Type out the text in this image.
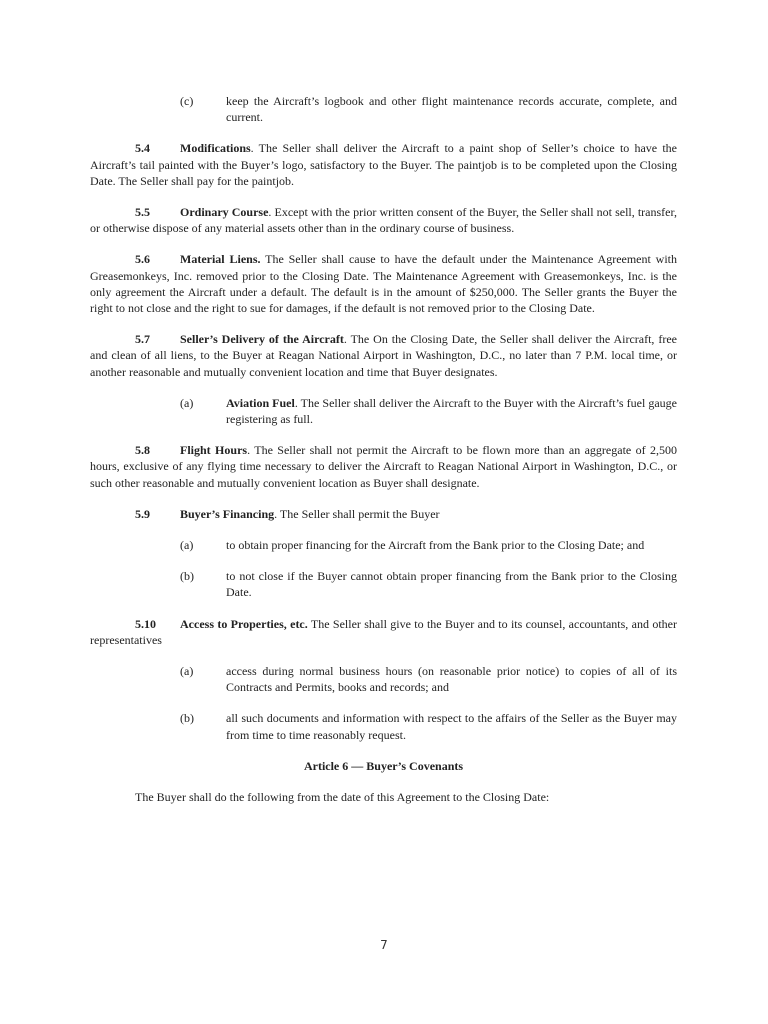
(c)	keep the Aircraft’s logbook and other flight maintenance records accurate, complete, and current.

5.4	Modifications. The Seller shall deliver the Aircraft to a paint shop of Seller’s choice to have the Aircraft’s tail painted with the Buyer’s logo, satisfactory to the Buyer. The paintjob is to be completed upon the Closing Date. The Seller shall pay for the paintjob.

5.5	Ordinary Course. Except with the prior written consent of the Buyer, the Seller shall not sell, transfer, or otherwise dispose of any material assets other than in the ordinary course of business.

5.6	Material Liens. The Seller shall cause to have the default under the Maintenance Agreement with Greasemonkeys, Inc. removed prior to the Closing Date. The Maintenance Agreement with Greasemonkeys, Inc. is the only agreement the Aircraft under a default. The default is in the amount of $250,000. The Seller grants the Buyer the right to not close and the right to sue for damages, if the default is not removed prior to the Closing Date.

5.7	Seller’s Delivery of the Aircraft. The On the Closing Date, the Seller shall deliver the Aircraft, free and clean of all liens, to the Buyer at Reagan National Airport in Washington, D.C., no later than 7 P.M. local time, or another reasonable and mutually convenient location and time that Buyer designates.

(a)	Aviation Fuel. The Seller shall deliver the Aircraft to the Buyer with the Aircraft’s fuel gauge registering as full.

5.8	Flight Hours. The Seller shall not permit the Aircraft to be flown more than an aggregate of 2,500 hours, exclusive of any flying time necessary to deliver the Aircraft to Reagan National Airport in Washington, D.C., or such other reasonable and mutually convenient location as Buyer shall designate.

5.9	Buyer’s Financing. The Seller shall permit the Buyer

(a)	to obtain proper financing for the Aircraft from the Bank prior to the Closing Date; and
(b)	to not close if the Buyer cannot obtain proper financing from the Bank prior to the Closing Date.

5.10 Access to Properties, etc. The Seller shall give to the Buyer and to its counsel, accountants, and other representatives

(a)	access during normal business hours (on reasonable prior notice) to copies of all of its Contracts and Permits, books and records; and
(b)	all such documents and information with respect to the affairs of the Seller as the Buyer may from time to time reasonably request.
Article 6 — Buyer’s Covenants

The Buyer shall do the following from the date of this Agreement to the Closing Date:

7
